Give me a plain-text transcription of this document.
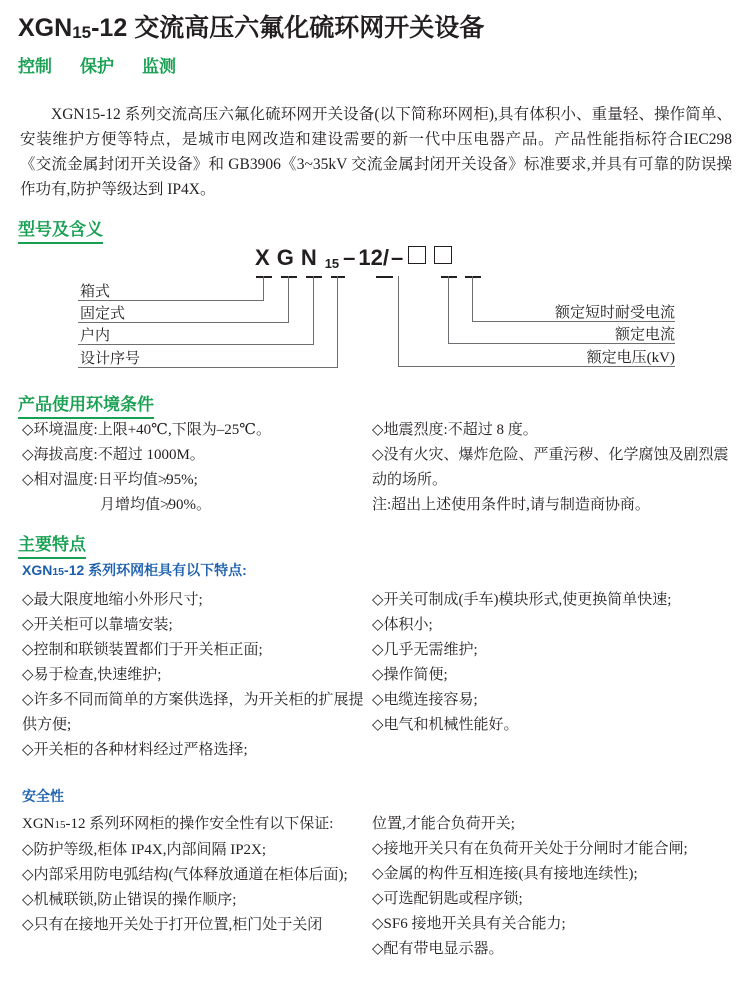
XGN15-12 交流高压六氟化硫环网开关设备
控制 保护 监测

XGN15-12 系列交流高压六氟化硫环网开关设备(以下简称环网柜),具有体积小、重量轻、操作简单、安装维护方便等特点，是城市电网改造和建设需要的新一代中压电器产品。产品性能指标符合IEC298《交流金属封闭开关设备》和 GB3906《3~35kV 交流金属封闭开关设备》标准要求,并具有可靠的防误操作功有,防护等级达到 IP4X。

型号及含义
X G N 15 – 12/–
箱式
固定式
户内
设计序号
额定短时耐受电流
额定电流
额定电压(kV)
产品使用环境条件
◇环境温度:上限+40℃,下限为–25℃。
◇海拔高度:不超过 1000M。
◇相对温度:日平均值≯95%;
月增均值≯90%。
◇地震烈度:不超过 8 度。
◇没有火灾、爆炸危险、严重污秽、化学腐蚀及剧烈震动的场所。
注:超出上述使用条件时,请与制造商协商。
主要特点
XGN15-12 系列环网柜具有以下特点:
◇最大限度地缩小外形尺寸;
◇开关柜可以靠墙安装;
◇控制和联锁装置都们于开关柜正面;
◇易于检查,快速维护;
◇许多不同而简单的方案供选择，为开关柜的扩展提供方便;
◇开关柜的各种材料经过严格选择;
◇开关可制成(手车)模块形式,使更换简单快速;
◇体积小;
◇几乎无需维护;
◇操作简便;
◇电缆连接容易;
◇电气和机械性能好。
安全性
XGN15-12 系列环网柜的操作安全性有以下保证:
◇防护等级,柜体 IP4X,内部间隔 IP2X;
◇内部采用防电弧结构(气体释放通道在柜体后面);
◇机械联锁,防止错误的操作顺序;
◇只有在接地开关处于打开位置,柜门处于关闭
位置,才能合负荷开关;
◇接地开关只有在负荷开关处于分闸时才能合闸;
◇金属的构件互相连接(具有接地连续性);
◇可选配钥匙或程序锁;
◇SF6 接地开关具有关合能力;
◇配有带电显示器。
